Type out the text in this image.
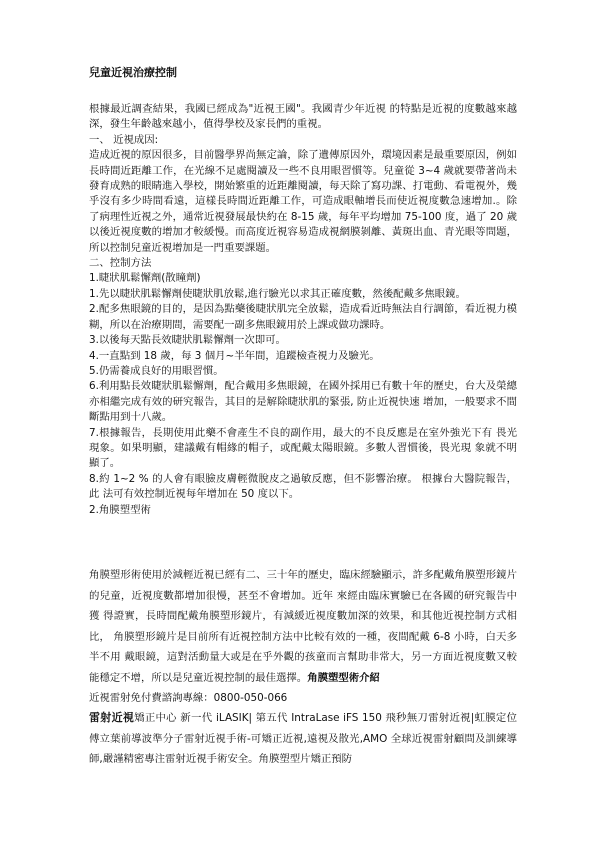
兒童近視治療控制

根據最近調查結果，我國已經成為"近視王國"。我國青少年近視 的特點是近視的度數越來越深，發生年齡越來越小，值得學校及家長們的重視。

一、 近視成因:

造成近視的原因很多，目前醫學界尚無定論，除了遺傳原因外，環境因素是最重要原因，例如 長時間近距離工作，在光線不足處閱讀及一些不良用眼習慣等。兒童從 3~4 歲就要帶著尚未發育成熟的眼睛進入學校，開始繁重的近距離閱讀，每天除了寫功課、打電動、看電視外，幾乎沒有多少時間看遠，這樣長時間近距離工作，可造成眼軸增長而使近視度數急速增加.。除了病理性近視之外，通常近視發展最快約在 8-15 歲，每年平均增加 75-100 度，過了 20 歲以後近視度數的增加才較緩慢。而高度近視容易造成視網膜剝離、黃斑出血、青光眼等問題，所以控制兒童近視增加是一門重要課題。

二、控制方法

1.睫狀肌鬆懈劑(散瞳劑)

1.先以睫狀肌鬆懈劑使睫狀肌放鬆,進行驗光以求其正確度數，然後配戴多焦眼鏡。

2.配多焦眼鏡的目的，是因為點藥後睫狀肌完全放鬆，造成看近時無法自行調節，看近視力模 糊，所以在治療期間，需要配一副多焦眼鏡用於上課或做功課時。

3.以後每天點長效睫狀肌鬆懈劑一次即可。

4.一直點到 18 歲，每 3 個月~半年間，追蹤檢查視力及驗光。

5.仍需養成良好的用眼習慣。

6.利用點長效睫狀肌鬆懈劑，配合戴用多焦眼鏡，在國外採用已有數十年的歷史，台大及榮總亦相繼完成有效的研究報告，其目的是解除睫狀肌的緊張, 防止近視快速 增加，一般要求不間斷點用到十八歲。

7.根據報告，長期使用此藥不會產生不良的副作用，最大的不良反應是在室外強光下有 畏光現象。如果明顯，建議戴有帽緣的帽子，或配戴太陽眼鏡。多數人習慣後，畏光現 象就不明顯了。

8.約 1~2 % 的人會有眼臉皮膚輕微脫皮之過敏反應，但不影響治療。 根據台大醫院報告，此 法可有效控制近視每年增加在 50 度以下。

2.角膜塑型術

角膜塑形術使用於減輕近視已經有二、三十年的歷史，臨床經驗顯示，許多配戴角膜塑形鏡片 的兒童，近視度數都增加很慢，甚至不會增加。近年 來經由臨床實驗已在各國的研究報告中獲 得證實，長時間配戴角膜塑形鏡片，有減緩近視度數加深的效果，和其他近視控制方式相比， 角膜塑形鏡片是目前所有近視控制方法中比較有效的一種，夜間配戴 6-8 小時，白天多半不用 戴眼鏡，這對活動量大或是在乎外觀的孩童而言幫助非常大，另一方面近視度數又較能穩定不增，所以是兒童近視控制的最佳選擇。角膜塑型術介紹

近視雷射免付費諮詢專線：0800-050-066

雷射近視矯正中心 新一代 iLASIK| 第五代 IntraLase iFS 150 飛秒無刀雷射近視|虹膜定位傅立葉前導波準分子雷射近視手術-可矯正近視,遠視及散光,AMO 全球近視雷射顧問及訓練導師,嚴謹精密專注雷射近視手術安全。角膜塑型片矯正預防
